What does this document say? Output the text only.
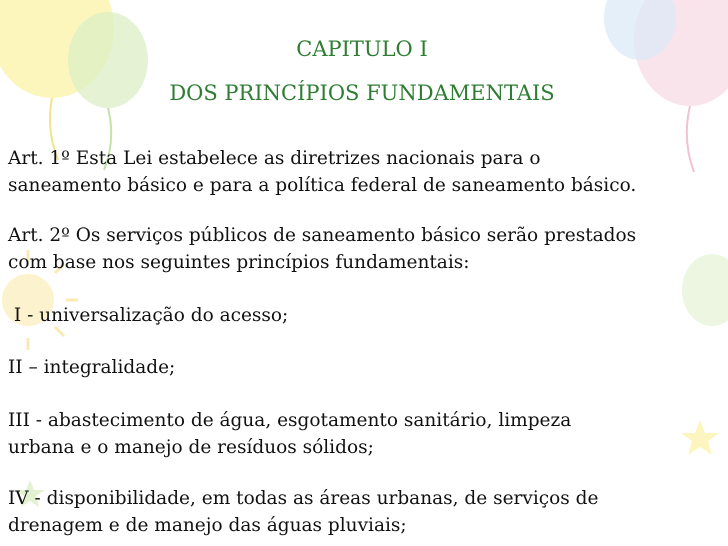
CAPITULO I
DOS PRINCÍPIOS FUNDAMENTAIS
Art. 1º Esta Lei estabelece as diretrizes nacionais para o
saneamento básico e para a política federal de saneamento básico.
Art. 2º Os serviços públicos de saneamento básico serão prestados
com base nos seguintes princípios fundamentais:
I - universalização do acesso;
II – integralidade;
III - abastecimento de água, esgotamento sanitário, limpeza
urbana e o manejo de resíduos sólidos;
IV - disponibilidade, em todas as áreas urbanas, de serviços de
drenagem e de manejo das águas pluviais;
